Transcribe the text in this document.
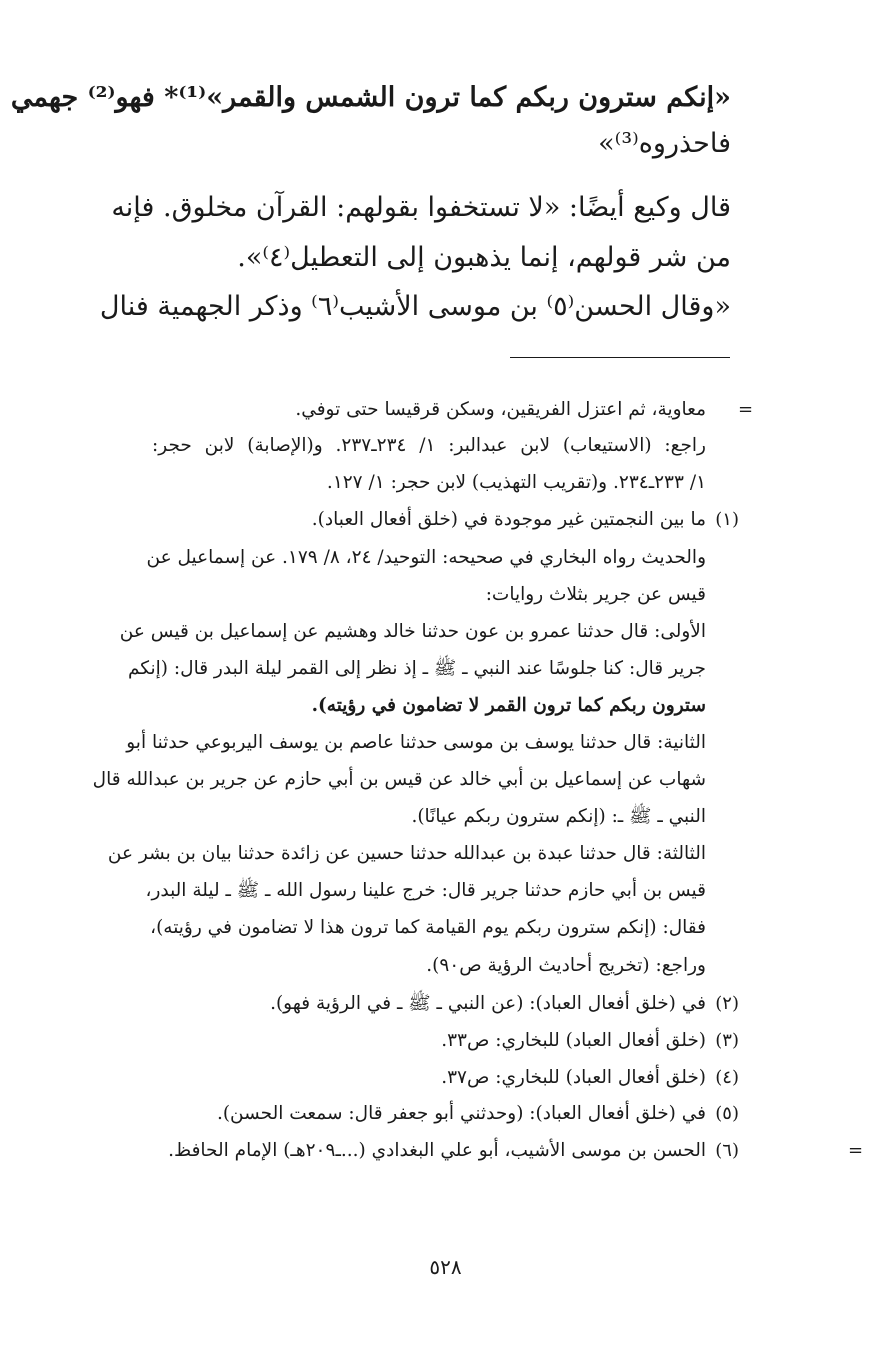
«إنكم سترون ربكم كما ترون الشمس والقمر»⁽¹⁾* فهو⁽²⁾ جهمي
فاحذروه⁽³⁾»
قال وكيع أيضًا: «لا تستخفوا بقولهم: القرآن مخلوق. فإنه
من شر قولهم، إنما يذهبون إلى التعطيل⁽٤⁾».
«وقال الحسن⁽٥⁾ بن موسى الأشيب⁽٦⁾ وذكر الجهمية فنال
=
=
معاوية، ثم اعتزل الفريقين، وسكن قرقيسا حتى توفي.
راجع: (الاستيعاب) لابن عبدالبر: ١/ ٢٣٤ـ٢٣٧. و(الإصابة) لابن حجر:
١/ ٢٣٣ـ٢٣٤. و(تقريب التهذيب) لابن حجر: ١/ ١٢٧.
(١)
ما بين النجمتين غير موجودة في (خلق أفعال العباد).
والحديث رواه البخاري في صحيحه: التوحيد/ ٢٤، ٨/ ١٧٩. عن إسماعيل عن
قيس عن جرير بثلاث روايات:
الأولى: قال حدثنا عمرو بن عون حدثنا خالد وهشيم عن إسماعيل بن قيس عن
جرير قال: كنا جلوسًا عند النبي ـ ﷺ ـ إذ نظر إلى القمر ليلة البدر قال: (إنكم
سترون ربكم كما ترون القمر لا تضامون في رؤيته).
الثانية: قال حدثنا يوسف بن موسى حدثنا عاصم بن يوسف اليربوعي حدثنا أبو
شهاب عن إسماعيل بن أبي خالد عن قيس بن أبي حازم عن جرير بن عبدالله قال
النبي ـ ﷺ ـ: (إنكم سترون ربكم عيانًا).
الثالثة: قال حدثنا عبدة بن عبدالله حدثنا حسين عن زائدة حدثنا بيان بن بشر عن
قيس بن أبي حازم حدثنا جرير قال: خرج علينا رسول الله ـ ﷺ ـ ليلة البدر،
فقال: (إنكم سترون ربكم يوم القيامة كما ترون هذا لا تضامون في رؤيته)،
وراجع: (تخريج أحاديث الرؤية ص٩٠).
(٢)
في (خلق أفعال العباد): (عن النبي ـ ﷺ ـ في الرؤية فهو).
(٣)
(خلق أفعال العباد) للبخاري: ص٣٣.
(٤)
(خلق أفعال العباد) للبخاري: ص٣٧.
(٥)
في (خلق أفعال العباد): (وحدثني أبو جعفر قال: سمعت الحسن).
(٦)
الحسن بن موسى الأشيب، أبو علي البغدادي (...ـ٢٠٩هـ) الإمام الحافظ.
٥٢٨
